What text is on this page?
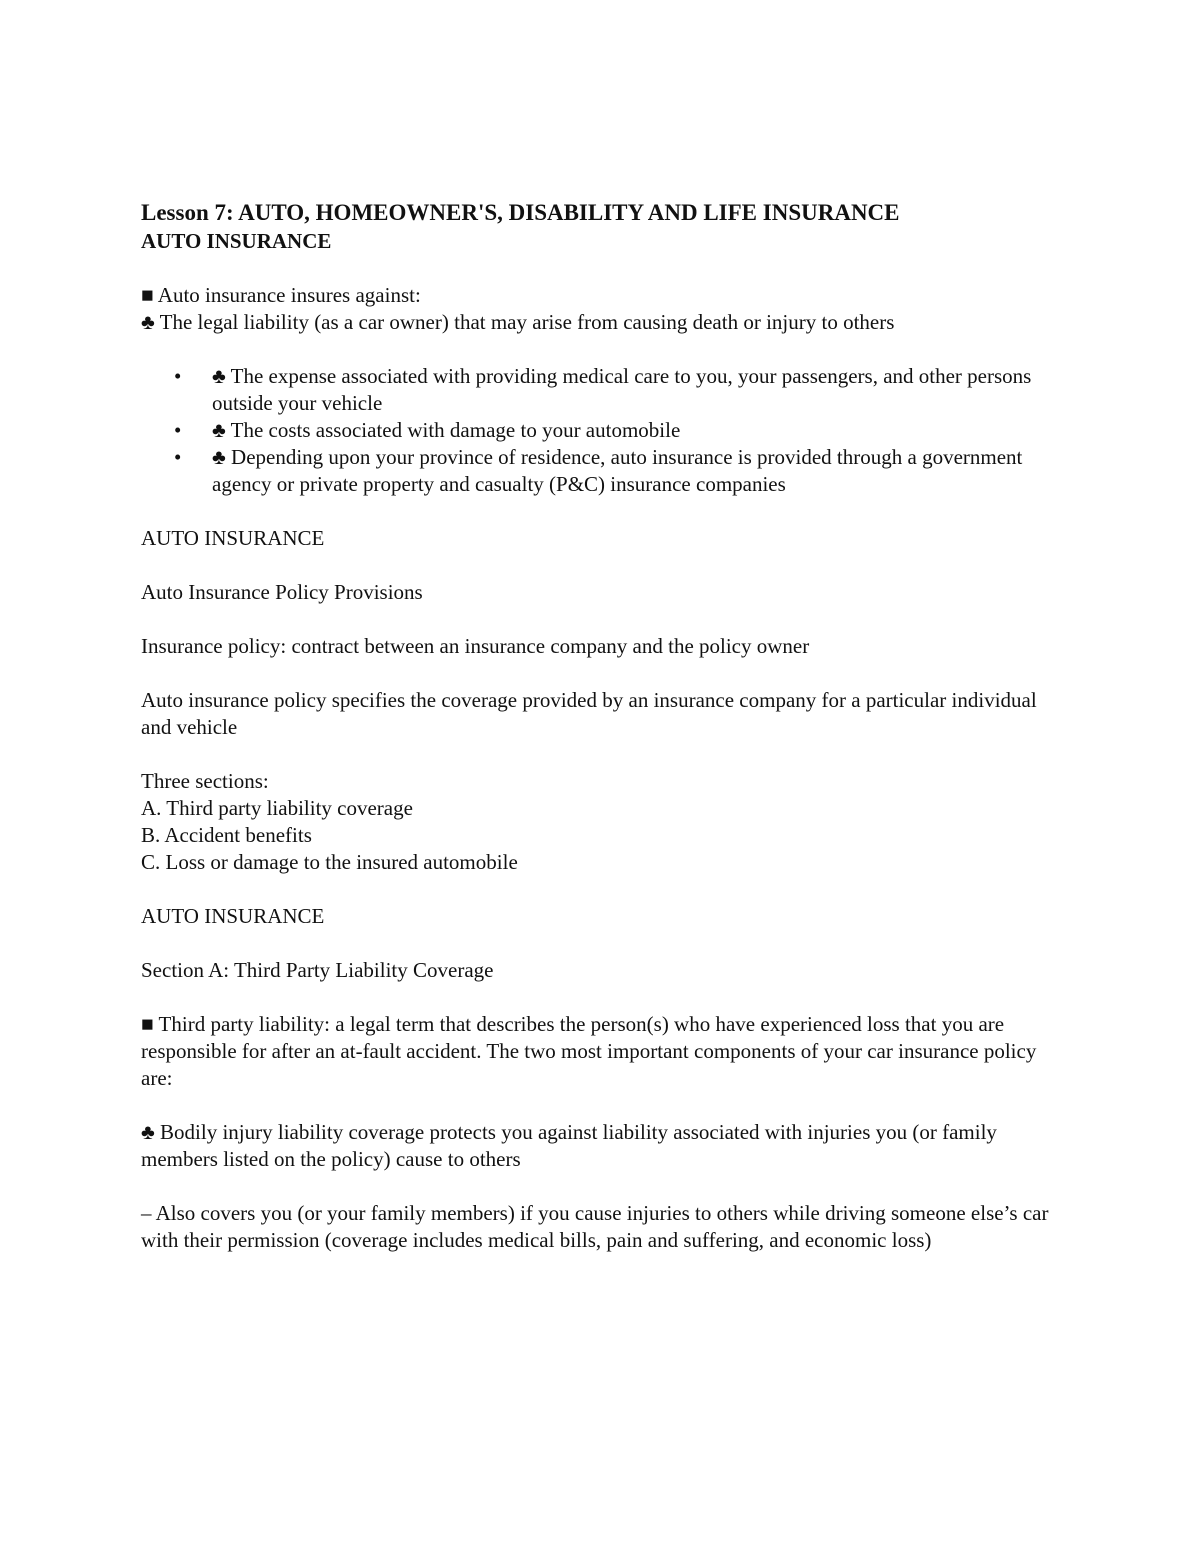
Lesson 7: AUTO, HOMEOWNER'S, DISABILITY AND LIFE INSURANCE

AUTO INSURANCE

■ Auto insurance insures against:

♣ The legal liability (as a car owner) that may arise from causing death or injury to others

• ♣ The expense associated with providing medical care to you, your passengers, and other persons outside your vehicle
• ♣ The costs associated with damage to your automobile
• ♣ Depending upon your province of residence, auto insurance is provided through a government agency or private property and casualty (P&C) insurance companies

AUTO INSURANCE

Auto Insurance Policy Provisions

Insurance policy: contract between an insurance company and the policy owner

Auto insurance policy specifies the coverage provided by an insurance company for a particular individual and vehicle

Three sections:

A. Third party liability coverage

B. Accident benefits

C. Loss or damage to the insured automobile

AUTO INSURANCE

Section A: Third Party Liability Coverage

■ Third party liability: a legal term that describes the person(s) who have experienced loss that you are responsible for after an at-fault accident. The two most important components of your car insurance policy are:

♣ Bodily injury liability coverage protects you against liability associated with injuries you (or family members listed on the policy) cause to others

– Also covers you (or your family members) if you cause injuries to others while driving someone else’s car with their permission (coverage includes medical bills, pain and suffering, and economic loss)
